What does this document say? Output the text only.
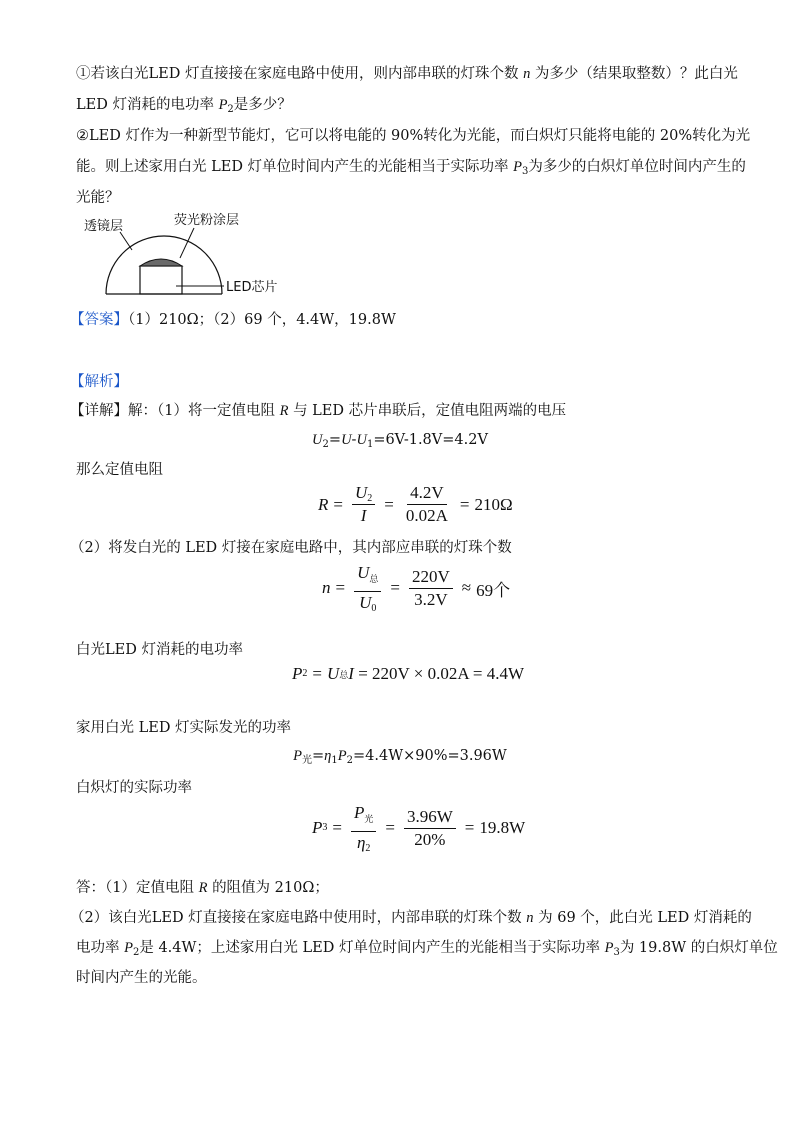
①若该白光LED 灯直接接在家庭电路中使用，则内部串联的灯珠个数 n 为多少（结果取整数）？此白光
LED 灯消耗的电功率 $P_2$是多少？
②LED 灯作为一种新型节能灯，它可以将电能的 90%转化为光能，而白炽灯只能将电能的 20%转化为光
能。则上述家用白光 LED 灯单位时间内产生的光能相当于实际功率 $P_3$为多少的白炽灯单位时间内产生的
光能？
透镜层	荧光粉涂层
LED芯片
【答案】（1）210Ω；（2）69 个，4.4W，19.8W
【解析】
【详解】解：（1）将一定值电阻 R 与 LED 芯片串联后，定值电阻两端的电压
$U_2=U-U_1=6V-1.8V=4.2V$
那么定值电阻
$R = \frac{U_2}{I} = \frac{4.2V}{0.02A} = 210\Omega$
（2）将发白光的 LED 灯接在家庭电路中，其内部应串联的灯珠个数
$n = \frac{U_总}{U_0} = \frac{220V}{3.2V} \approx 69$个
白光LED 灯消耗的电功率
P 2 = U 总 I
= 220V × 0.02A = 4.4W
家用白光 LED 灯实际发光的功率
$P_光=\eta_1P_2=4.4W\times 90\%=3.96W$
白炽灯的实际功率
P $3 = \frac{P_光}{\eta_2} = \frac{3.96W}{20\%} = 19.8W$
答：（1）定值电阻 R 的阻值为 210Ω；
（2）该白光LED 灯直接接在家庭电路中使用时，内部串联的灯珠个数 n 为 69 个，此白光 LED 灯消耗的
电功率 $P_2$是 4.4W；上述家用白光 LED 灯单位时间内产生的光能相当于实际功率 $P_3$为 19.8W 的白炽灯单位
时间内产生的光能。
